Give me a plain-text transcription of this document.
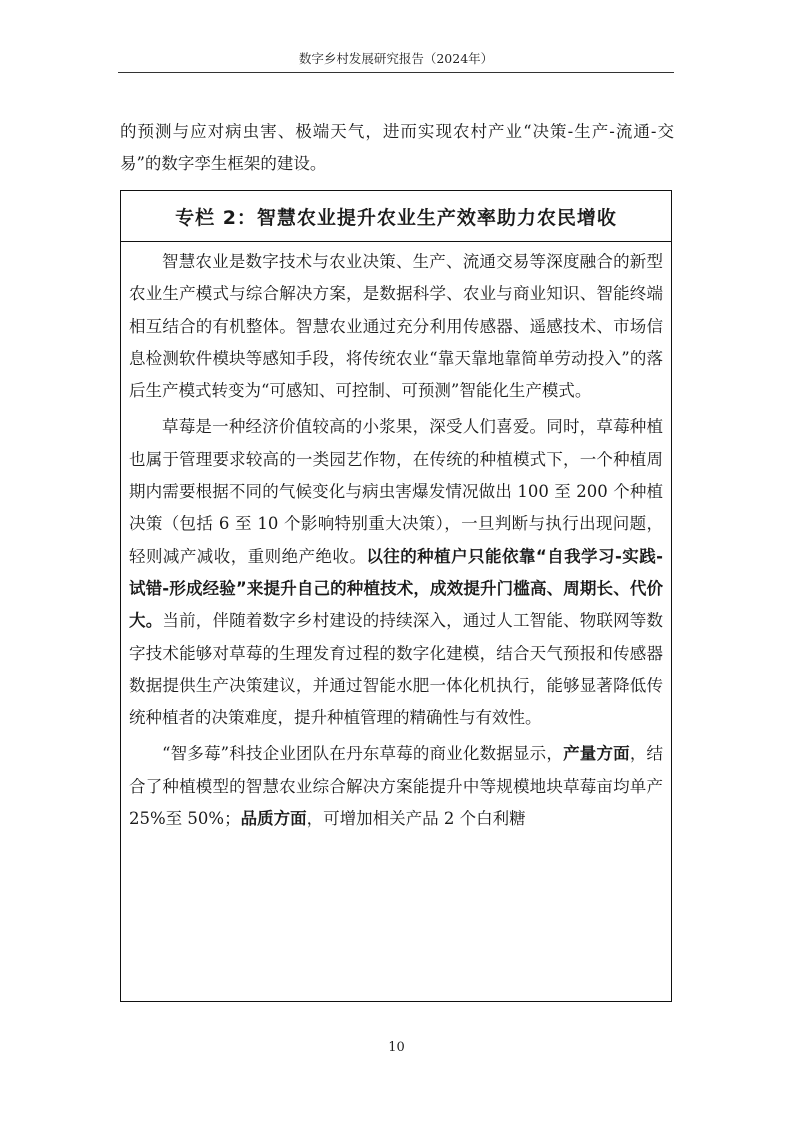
数字乡村发展研究报告（2024年）
的预测与应对病虫害、极端天气，进而实现农村产业“决策-生产-流通-交易”的数字孪生框架的建设。
专栏 2：智慧农业提升农业生产效率助力农民增收

智慧农业是数字技术与农业决策、生产、流通交易等深度融合的新型农业生产模式与综合解决方案，是数据科学、农业与商业知识、智能终端相互结合的有机整体。智慧农业通过充分利用传感器、遥感技术、市场信息检测软件模块等感知手段，将传统农业“靠天靠地靠简单劳动投入”的落后生产模式转变为“可感知、可控制、可预测”智能化生产模式。

草莓是一种经济价值较高的小浆果，深受人们喜爱。同时，草莓种植也属于管理要求较高的一类园艺作物，在传统的种植模式下，一个种植周期内需要根据不同的气候变化与病虫害爆发情况做出 100 至 200 个种植决策（包括 6 至 10 个影响特别重大决策），一旦判断与执行出现问题，轻则减产减收，重则绝产绝收。以往的种植户只能依靠“自我学习-实践-试错-形成经验”来提升自己的种植技术，成效提升门槛高、周期长、代价大。当前，伴随着数字乡村建设的持续深入，通过人工智能、物联网等数字技术能够对草莓的生理发育过程的数字化建模，结合天气预报和传感器数据提供生产决策建议，并通过智能水肥一体化机执行，能够显著降低传统种植者的决策难度，提升种植管理的精确性与有效性。

“智多莓”科技企业团队在丹东草莓的商业化数据显示，产量方面，结合了种植模型的智慧农业综合解决方案能提升中等规模地块草莓亩均单产 25%至 50%；品质方面，可增加相关产品 2 个白利糖

10
